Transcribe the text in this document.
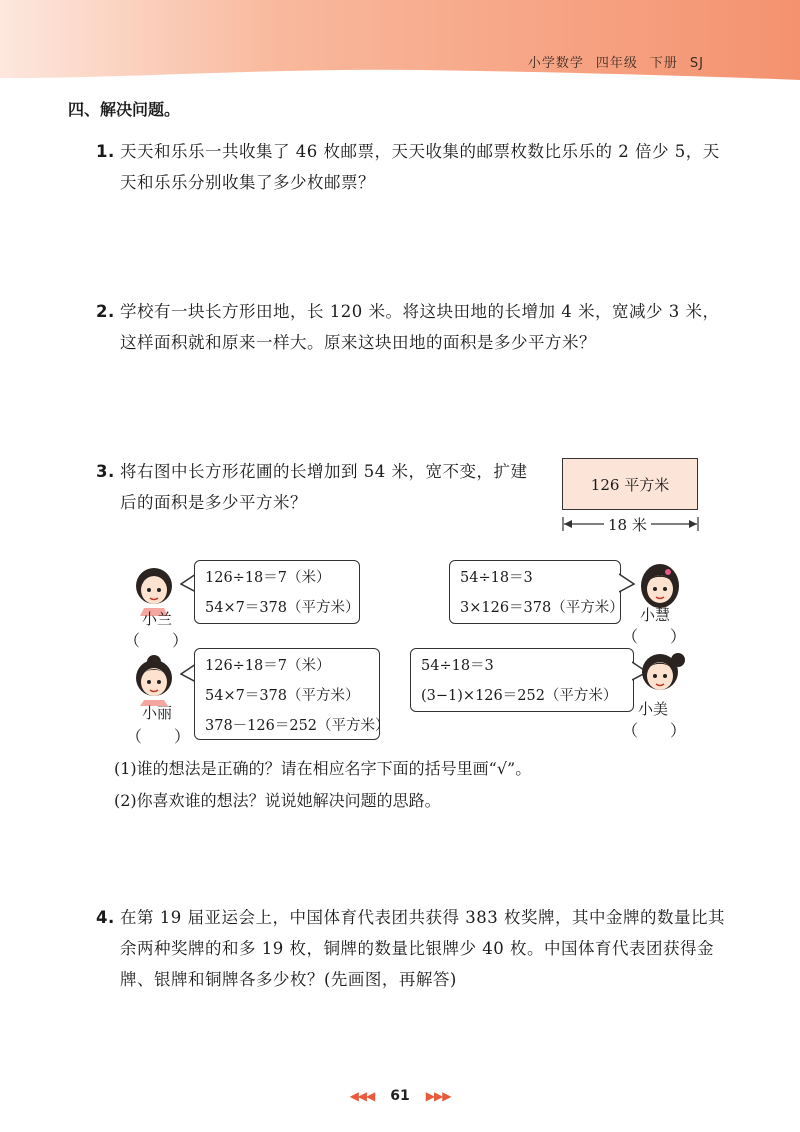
小学数学 四年级 下册 SJ
四、解决问题。
1. 天天和乐乐一共收集了 46 枚邮票，天天收集的邮票枚数比乐乐的 2 倍少 5，天天和乐乐分别收集了多少枚邮票？
2. 学校有一块长方形田地，长 120 米。将这块田地的长增加 4 米，宽减少 3 米，这样面积就和原来一样大。原来这块田地的面积是多少平方米？
3. 将右图中长方形花圃的长增加到 54 米，宽不变，扩建
后的面积是多少平方米？
126 平方米
18 米
小兰
（　　）
126÷18＝7（米）
54×7＝378（平方米）
54÷18＝3
3×126＝378（平方米） 小慧
（　　）
小丽
（　　）
126÷18＝7（米）
54×7＝378（平方米）
378－126＝252（平方米）
54÷18＝3
(3−1)×126＝252（平方米）
小美
（　　）
(1)谁的想法是正确的？请在相应名字下面的括号里画“√”。
(2)你喜欢谁的想法？说说她解决问题的思路。
4. 在第 19 届亚运会上，中国体育代表团共获得 383 枚奖牌，其中金牌的数量比其余两种奖牌的和多 19 枚，铜牌的数量比银牌少 40 枚。中国体育代表团获得金牌、银牌和铜牌各多少枚？(先画图，再解答)
◀◀◀ 61 ▶▶▶
